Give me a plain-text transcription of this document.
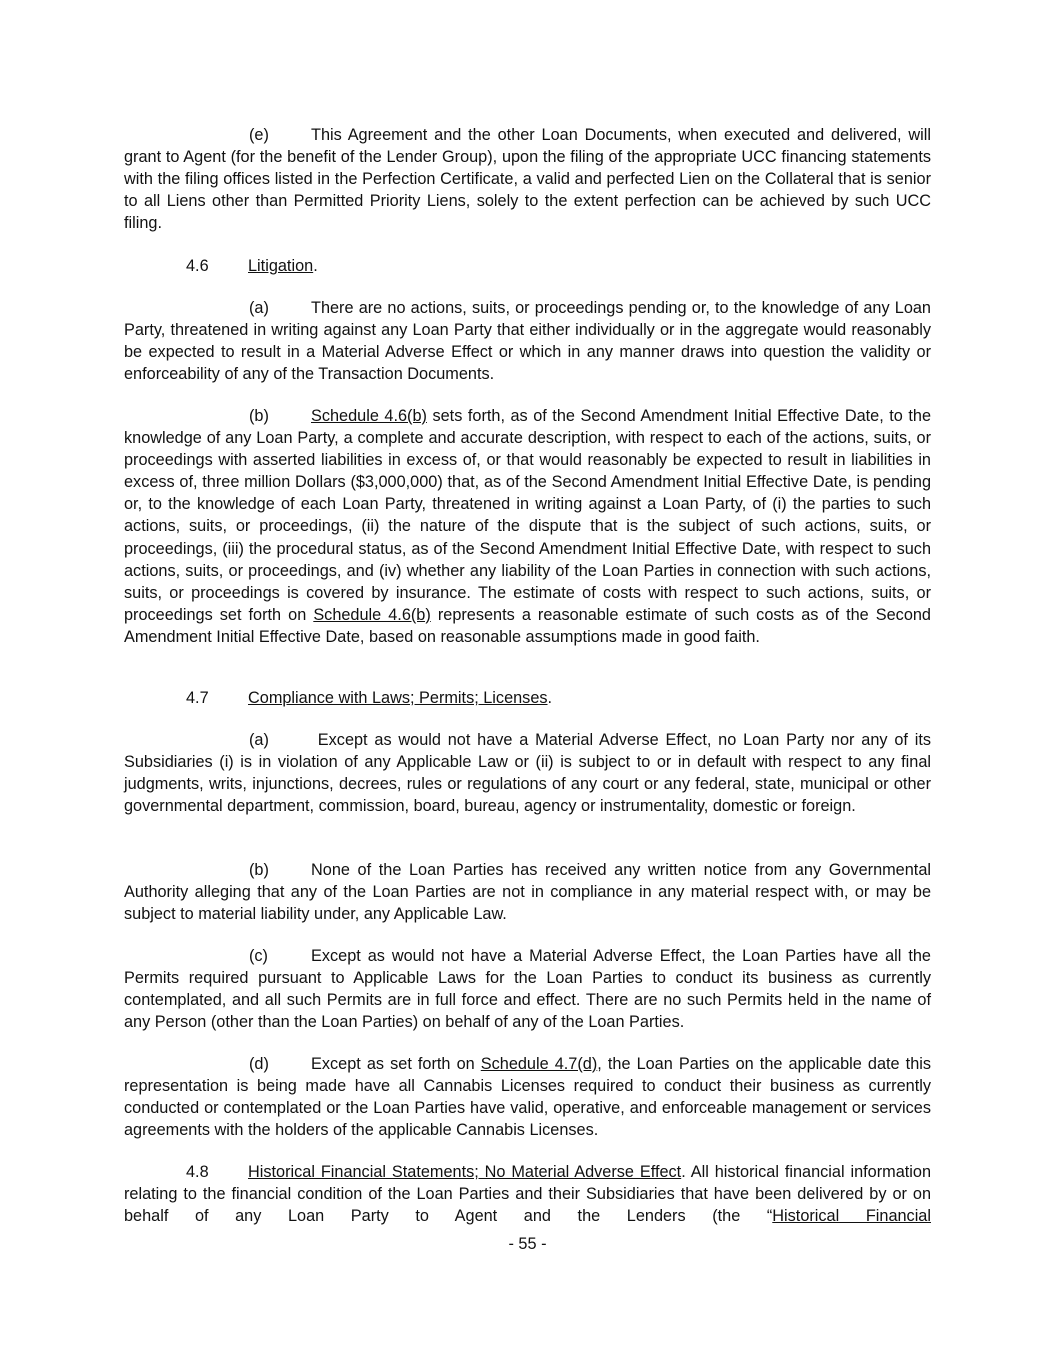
(e)	This Agreement and the other Loan Documents, when executed and delivered, will grant to Agent (for the benefit of the Lender Group), upon the filing of the appropriate UCC financing statements with the filing offices listed in the Perfection Certificate, a valid and perfected Lien on the Collateral that is senior to all Liens other than Permitted Priority Liens, solely to the extent perfection can be achieved by such UCC filing.

4.6 Litigation.

(a)	There are no actions, suits, or proceedings pending or, to the knowledge of any Loan Party, threatened in writing against any Loan Party that either individually or in the aggregate would reasonably be expected to result in a Material Adverse Effect or which in any manner draws into question the validity or enforceability of any of the Transaction Documents.

(b)	Schedule 4.6(b) sets forth, as of the Second Amendment Initial Effective Date, to the knowledge of any Loan Party, a complete and accurate description, with respect to each of the actions, suits, or proceedings with asserted liabilities in excess of, or that would reasonably be expected to result in liabilities in excess of, three million Dollars ($3,000,000) that, as of the Second Amendment Initial Effective Date, is pending or, to the knowledge of each Loan Party, threatened in writing against a Loan Party, of (i) the parties to such actions, suits, or proceedings, (ii) the nature of the dispute that is the subject of such actions, suits, or proceedings, (iii) the procedural status, as of the Second Amendment Initial Effective Date, with respect to such actions, suits, or proceedings, and (iv) whether any liability of the Loan Parties in connection with such actions, suits, or proceedings is covered by insurance. The estimate of costs with respect to such actions, suits, or proceedings set forth on Schedule 4.6(b) represents a reasonable estimate of such costs as of the Second Amendment Initial Effective Date, based on reasonable assumptions made in good faith.

4.7 Compliance with Laws; Permits; Licenses.

(a)	Except as would not have a Material Adverse Effect, no Loan Party nor any of its Subsidiaries (i) is in violation of any Applicable Law or (ii) is subject to or in default with respect to any final judgments, writs, injunctions, decrees, rules or regulations of any court or any federal, state, municipal or other governmental department, commission, board, bureau, agency or instrumentality, domestic or foreign.

(b)	None of the Loan Parties has received any written notice from any Governmental Authority alleging that any of the Loan Parties are not in compliance in any material respect with, or may be subject to material liability under, any Applicable Law.

(c)	Except as would not have a Material Adverse Effect, the Loan Parties have all the Permits required pursuant to Applicable Laws for the Loan Parties to conduct its business as currently contemplated, and all such Permits are in full force and effect. There are no such Permits held in the name of any Person (other than the Loan Parties) on behalf of any of the Loan Parties.

(d)	Except as set forth on Schedule 4.7(d), the Loan Parties on the applicable date this representation is being made have all Cannabis Licenses required to conduct their business as currently conducted or contemplated or the Loan Parties have valid, operative, and enforceable management or services agreements with the holders of the applicable Cannabis Licenses.

4.8 Historical Financial Statements; No Material Adverse Effect. All historical financial information relating to the financial condition of the Loan Parties and their Subsidiaries that have been delivered by or on behalf of any Loan Party to Agent and the Lenders (the “Historical Financial

- 55 -
